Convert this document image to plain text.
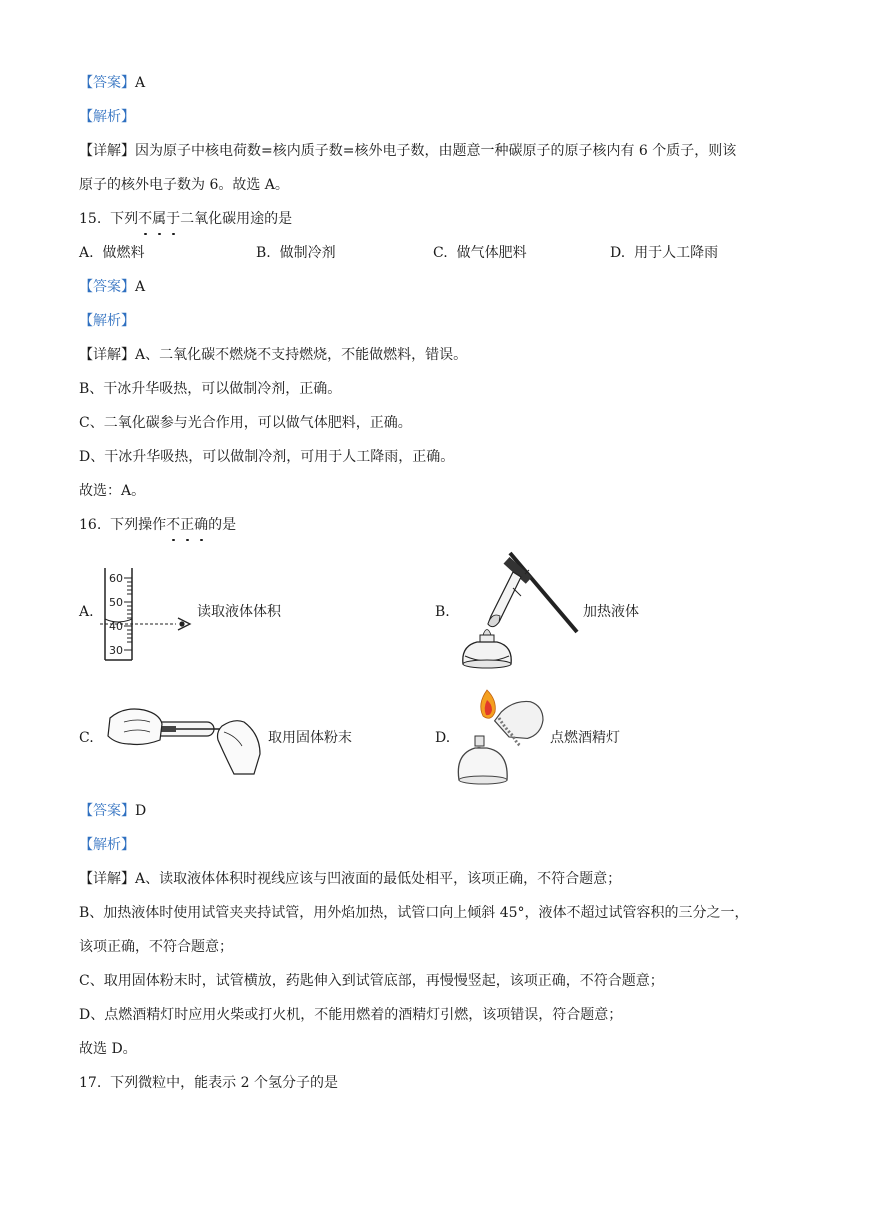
【答案】A
【解析】
【详解】因为原子中核电荷数=核内质子数=核外电子数，由题意一种碳原子的原子核内有 6 个质子，则该
原子的核外电子数为 6。故选 A。
15. 下列不属于二氧化碳用途的是
A. 做燃料	B. 做制冷剂	C. 做气体肥料	D. 用于人工降雨
【答案】A
【解析】
【详解】A、二氧化碳不燃烧不支持燃烧，不能做燃料，错误。
B、干冰升华吸热，可以做制冷剂，正确。
C、二氧化碳参与光合作用，可以做气体肥料，正确。
D、干冰升华吸热，可以做制冷剂，可用于人工降雨，正确。
故选：A。
16. 下列操作不正确的是
A.
60
50
40
30
读取液体体积	B.	加热液体
C.	取用固体粉末	D.	点燃酒精灯
【答案】D
【解析】
【详解】A、读取液体体积时视线应该与凹液面的最低处相平，该项正确，不符合题意；
B、加热液体时使用试管夹夹持试管，用外焰加热，试管口向上倾斜 45°，液体不超过试管容积的三分之一，
该项正确，不符合题意；
C、取用固体粉末时，试管横放，药匙伸入到试管底部，再慢慢竖起，该项正确，不符合题意；
D、点燃酒精灯时应用火柴或打火机，不能用燃着的酒精灯引燃，该项错误，符合题意；
故选 D。
17. 下列微粒中，能表示 2 个氢分子的是
